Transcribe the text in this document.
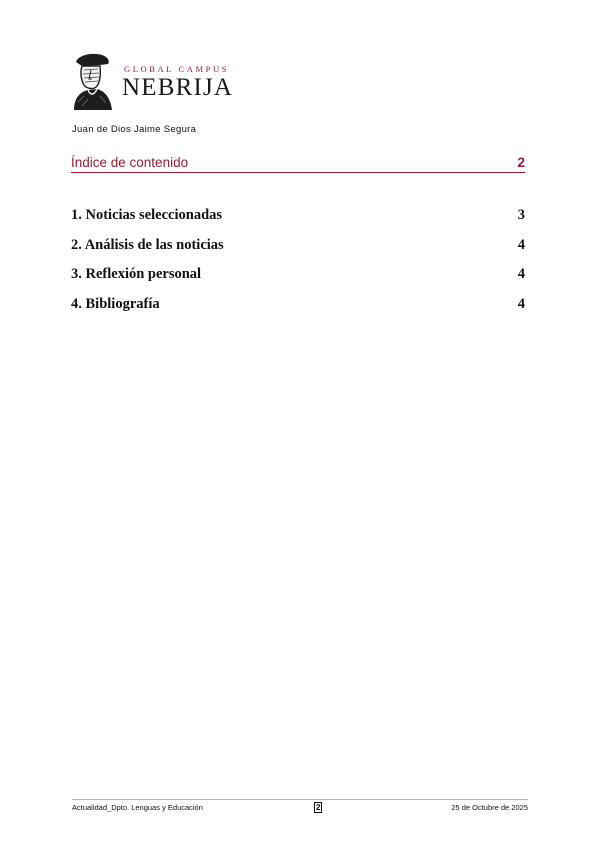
GLOBAL CAMPUS
NEBRIJA
Juan de Dios Jaime Segura
Índice de contenido	2
1. Noticias seleccionadas	3
2. Análisis de las noticias	4
3. Reflexión personal	4
4. Bibliografía	4
Actualidad_Dpto. Lenguas y Educación	2	25 de Octubre de 2025
